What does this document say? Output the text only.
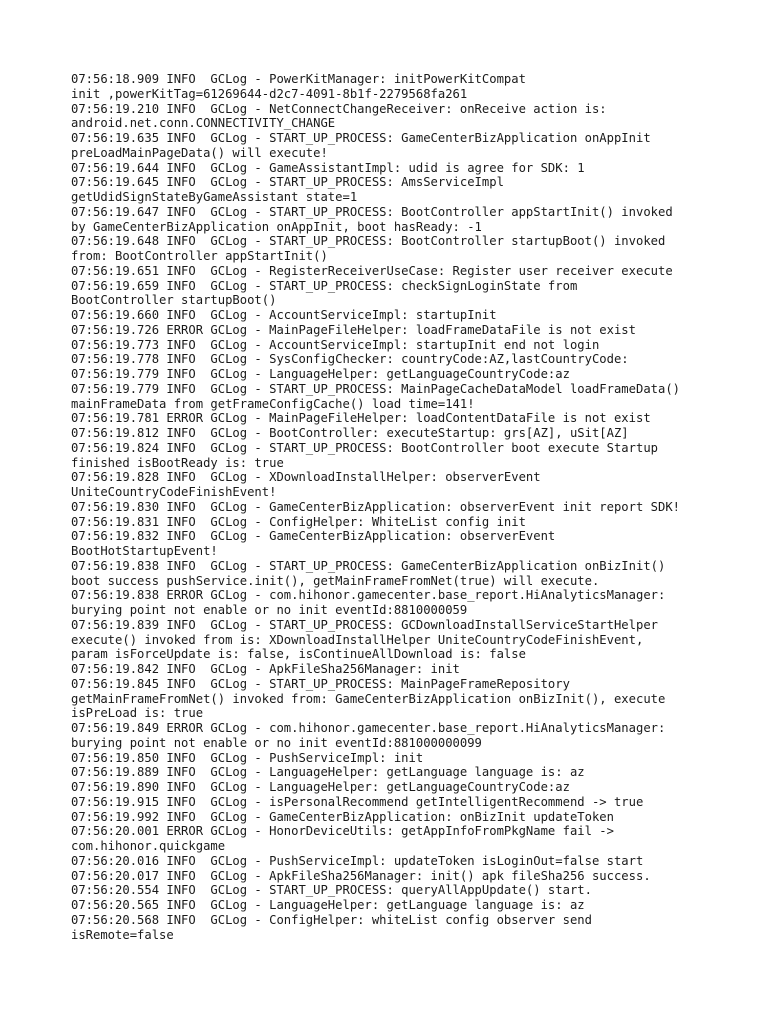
07:56:18.909 INFO  GCLog - PowerKitManager: initPowerKitCompat
init ,powerKitTag=61269644-d2c7-4091-8b1f-2279568fa261
07:56:19.210 INFO  GCLog - NetConnectChangeReceiver: onReceive action is:
android.net.conn.CONNECTIVITY_CHANGE
07:56:19.635 INFO  GCLog - START_UP_PROCESS: GameCenterBizApplication onAppInit
preLoadMainPageData() will execute!
07:56:19.644 INFO  GCLog - GameAssistantImpl: udid is agree for SDK: 1
07:56:19.645 INFO  GCLog - START_UP_PROCESS: AmsServiceImpl
getUdidSignStateByGameAssistant state=1
07:56:19.647 INFO  GCLog - START_UP_PROCESS: BootController appStartInit() invoked
by GameCenterBizApplication onAppInit, boot hasReady: -1
07:56:19.648 INFO  GCLog - START_UP_PROCESS: BootController startupBoot() invoked
from: BootController appStartInit()
07:56:19.651 INFO  GCLog - RegisterReceiverUseCase: Register user receiver execute
07:56:19.659 INFO  GCLog - START_UP_PROCESS: checkSignLoginState from
BootController startupBoot()
07:56:19.660 INFO  GCLog - AccountServiceImpl: startupInit
07:56:19.726 ERROR GCLog - MainPageFileHelper: loadFrameDataFile is not exist
07:56:19.773 INFO  GCLog - AccountServiceImpl: startupInit end not login
07:56:19.778 INFO  GCLog - SysConfigChecker: countryCode:AZ,lastCountryCode:
07:56:19.779 INFO  GCLog - LanguageHelper: getLanguageCountryCode:az
07:56:19.779 INFO  GCLog - START_UP_PROCESS: MainPageCacheDataModel loadFrameData()
mainFrameData from getFrameConfigCache() load time=141!
07:56:19.781 ERROR GCLog - MainPageFileHelper: loadContentDataFile is not exist
07:56:19.812 INFO  GCLog - BootController: executeStartup: grs[AZ], uSit[AZ]
07:56:19.824 INFO  GCLog - START_UP_PROCESS: BootController boot execute Startup
finished isBootReady is: true
07:56:19.828 INFO  GCLog - XDownloadInstallHelper: observerEvent
UniteCountryCodeFinishEvent!
07:56:19.830 INFO  GCLog - GameCenterBizApplication: observerEvent init report SDK!
07:56:19.831 INFO  GCLog - ConfigHelper: WhiteList config init
07:56:19.832 INFO  GCLog - GameCenterBizApplication: observerEvent
BootHotStartupEvent!
07:56:19.838 INFO  GCLog - START_UP_PROCESS: GameCenterBizApplication onBizInit()
boot success pushService.init(), getMainFrameFromNet(true) will execute.
07:56:19.838 ERROR GCLog - com.hihonor.gamecenter.base_report.HiAnalyticsManager:
burying point not enable or no init eventId:8810000059
07:56:19.839 INFO  GCLog - START_UP_PROCESS: GCDownloadInstallServiceStartHelper
execute() invoked from is: XDownloadInstallHelper UniteCountryCodeFinishEvent,
param isForceUpdate is: false, isContinueAllDownload is: false
07:56:19.842 INFO  GCLog - ApkFileSha256Manager: init
07:56:19.845 INFO  GCLog - START_UP_PROCESS: MainPageFrameRepository
getMainFrameFromNet() invoked from: GameCenterBizApplication onBizInit(), execute
isPreLoad is: true
07:56:19.849 ERROR GCLog - com.hihonor.gamecenter.base_report.HiAnalyticsManager:
burying point not enable or no init eventId:881000000099
07:56:19.850 INFO  GCLog - PushServiceImpl: init
07:56:19.889 INFO  GCLog - LanguageHelper: getLanguage language is: az
07:56:19.890 INFO  GCLog - LanguageHelper: getLanguageCountryCode:az
07:56:19.915 INFO  GCLog - isPersonalRecommend getIntelligentRecommend -> true
07:56:19.992 INFO  GCLog - GameCenterBizApplication: onBizInit updateToken
07:56:20.001 ERROR GCLog - HonorDeviceUtils: getAppInfoFromPkgName fail ->
com.hihonor.quickgame
07:56:20.016 INFO  GCLog - PushServiceImpl: updateToken isLoginOut=false start
07:56:20.017 INFO  GCLog - ApkFileSha256Manager: init() apk fileSha256 success.
07:56:20.554 INFO  GCLog - START_UP_PROCESS: queryAllAppUpdate() start.
07:56:20.565 INFO  GCLog - LanguageHelper: getLanguage language is: az
07:56:20.568 INFO  GCLog - ConfigHelper: whiteList config observer send
isRemote=false
